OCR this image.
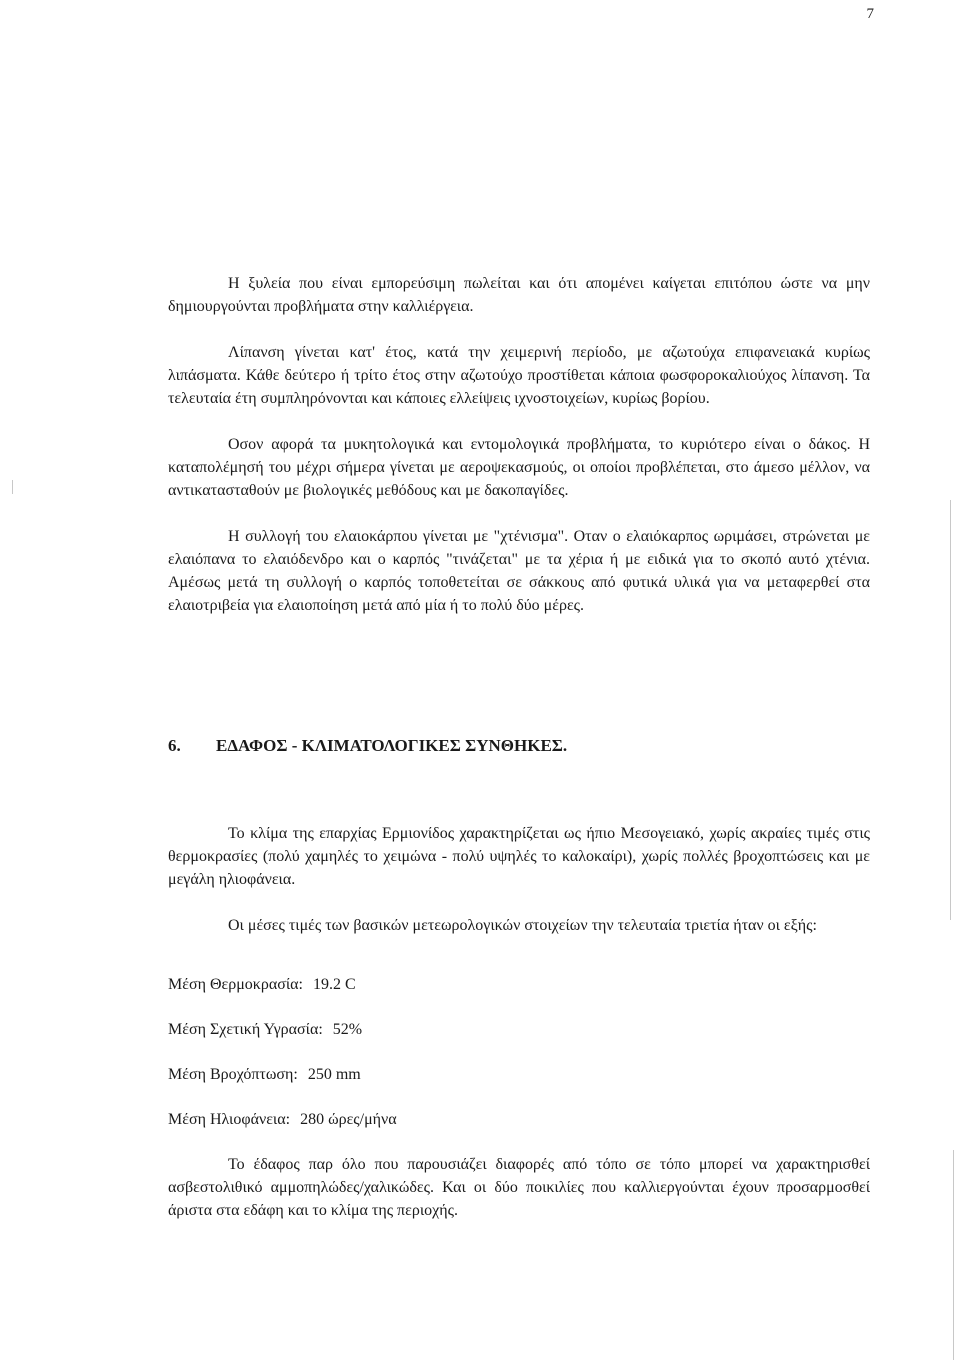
7

Η ξυλεία που είναι εμπορεύσιμη πωλείται και ότι απομένει καίγεται επιτόπου ώστε να μην δημιουργούνται προβλήματα στην καλλιέργεια.

Λίπανση γίνεται κατ' έτος, κατά την χειμερινή περίοδο, με αζωτούχα επιφανειακά κυρίως λιπάσματα. Κάθε δεύτερο ή τρίτο έτος στην αζωτούχο προστίθεται κάποια φωσφοροκαλιούχος λίπανση. Τα τελευταία έτη συμπληρόνονται και κάποιες ελλείψεις ιχνοστοιχείων, κυρίως βορίου.

Οσον αφορά τα μυκητολογικά και εντομολογικά προβλήματα, το κυριότερο είναι ο δάκος. Η καταπολέμησή του μέχρι σήμερα γίνεται με αεροψεκασμούς, οι οποίοι προβλέπεται, στο άμεσο μέλλον, να αντικατασταθούν με βιολογικές μεθόδους και με δακοπαγίδες.

Η συλλογή του ελαιοκάρπου γίνεται με "χτένισμα". Οταν ο ελαιόκαρπος ωριμάσει, στρώνεται με ελαιόπανα το ελαιόδενδρο και ο καρπός "τινάζεται" με τα χέρια ή με ειδικά για το σκοπό αυτό χτένια. Αμέσως μετά τη συλλογή ο καρπός τοποθετείται σε σάκκους από φυτικά υλικά για να μεταφερθεί στα ελαιοτριβεία για ελαιοποίηση μετά από μία ή το πολύ δύο μέρες.

6. ΕΔΑΦΟΣ - ΚΛΙΜΑΤΟΛΟΓΙΚΕΣ ΣΥΝΘΗΚΕΣ.

Το κλίμα της επαρχίας Ερμιονίδος χαρακτηρίζεται ως ήπιο Μεσογειακό, χωρίς ακραίες τιμές στις θερμοκρασίες (πολύ χαμηλές το χειμώνα - πολύ υψηλές το καλοκαίρι), χωρίς πολλές βροχοπτώσεις και με μεγάλη ηλιοφάνεια.

Οι μέσες τιμές των βασικών μετεωρολογικών στοιχείων την τελευταία τριετία ήταν οι εξής:

Μέση Θερμοκρασία: 19.2 C
Μέση Σχετική Υγρασία: 52%
Μέση Βροχόπτωση: 250 mm
Μέση Ηλιοφάνεια: 280 ώρες/μήνα

Το έδαφος παρ όλο που παρουσιάζει διαφορές από τόπο σε τόπο μπορεί να χαρακτηρισθεί ασβεστολιθικό αμμοπηλώδες/χαλικώδες. Και οι δύο ποικιλίες που καλλιεργούνται έχουν προσαρμοσθεί άριστα στα εδάφη και το κλίμα της περιοχής.
